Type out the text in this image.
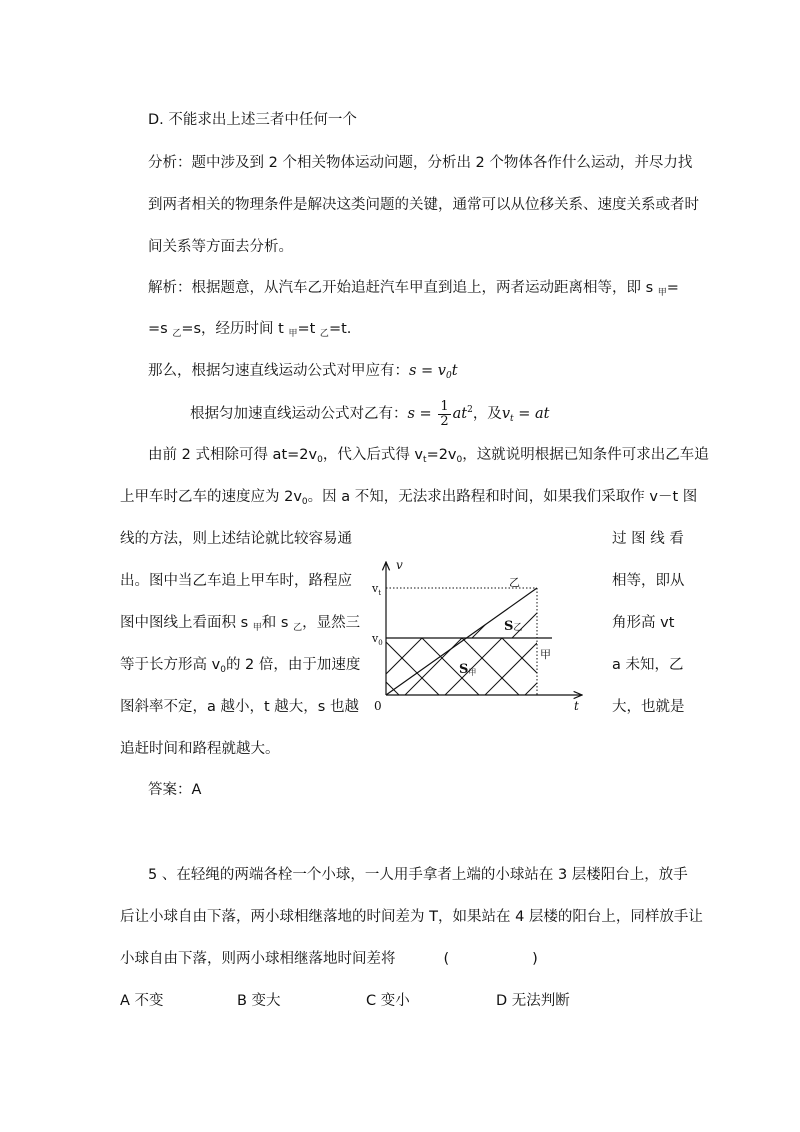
D. 不能求出上述三者中任何一个
分析：题中涉及到 2 个相关物体运动问题，分析出 2 个物体各作什么运动，并尽力找
到两者相关的物理条件是解决这类问题的关键，通常可以从位移关系、速度关系或者时
间关系等方面去分析。
解析：根据题意，从汽车乙开始追赶汽车甲直到追上，两者运动距离相等，即 s $_甲$=
=s $_乙$=s，经历时间 t $_甲$=t $_乙$=t.
那么，根据匀速直线运动公式对甲应有：$s = v_0t$
根据匀加速直线运动公式对乙有：$s = \frac{1}{2} at^2$，及$v_t$ = at
由前 2 式相除可得 $at=2v_0$，代入后式得 $v_t=2v_0$，这就说明根据已知条件可求出乙车追
上甲车时乙车的速度应为 $2v_0$。因 a 不知，无法求出路程和时间，如果我们采取作 v－t 图
线的方法，则上述结论就比较容易通	过 图 线 看
出。图中当乙车追上甲车时，路程应	相等，即从
图中图线上看面积 s $_甲$和 s $_乙$，显然三	角形高 vt
等于长方形高 $v_0$的 2 倍，由于加速度	a 未知，乙
图斜率不定，a 越小，t 越大，s 也越	大，也就是
追赶时间和路程就越大。
v
t
0
$v_t$
$v_0$
乙
甲
S乙
S甲
答案：A
5 、在轻绳的两端各栓一个小球，一人用手拿者上端的小球站在 3 层楼阳台上，放手
后让小球自由下落，两小球相继落地的时间差为 T，如果站在 4 层楼的阳台上，同样放手让
小球自由下落，则两小球相继落地时间差将	(                  )
A 不变	B 变大	C 变小	D 无法判断
